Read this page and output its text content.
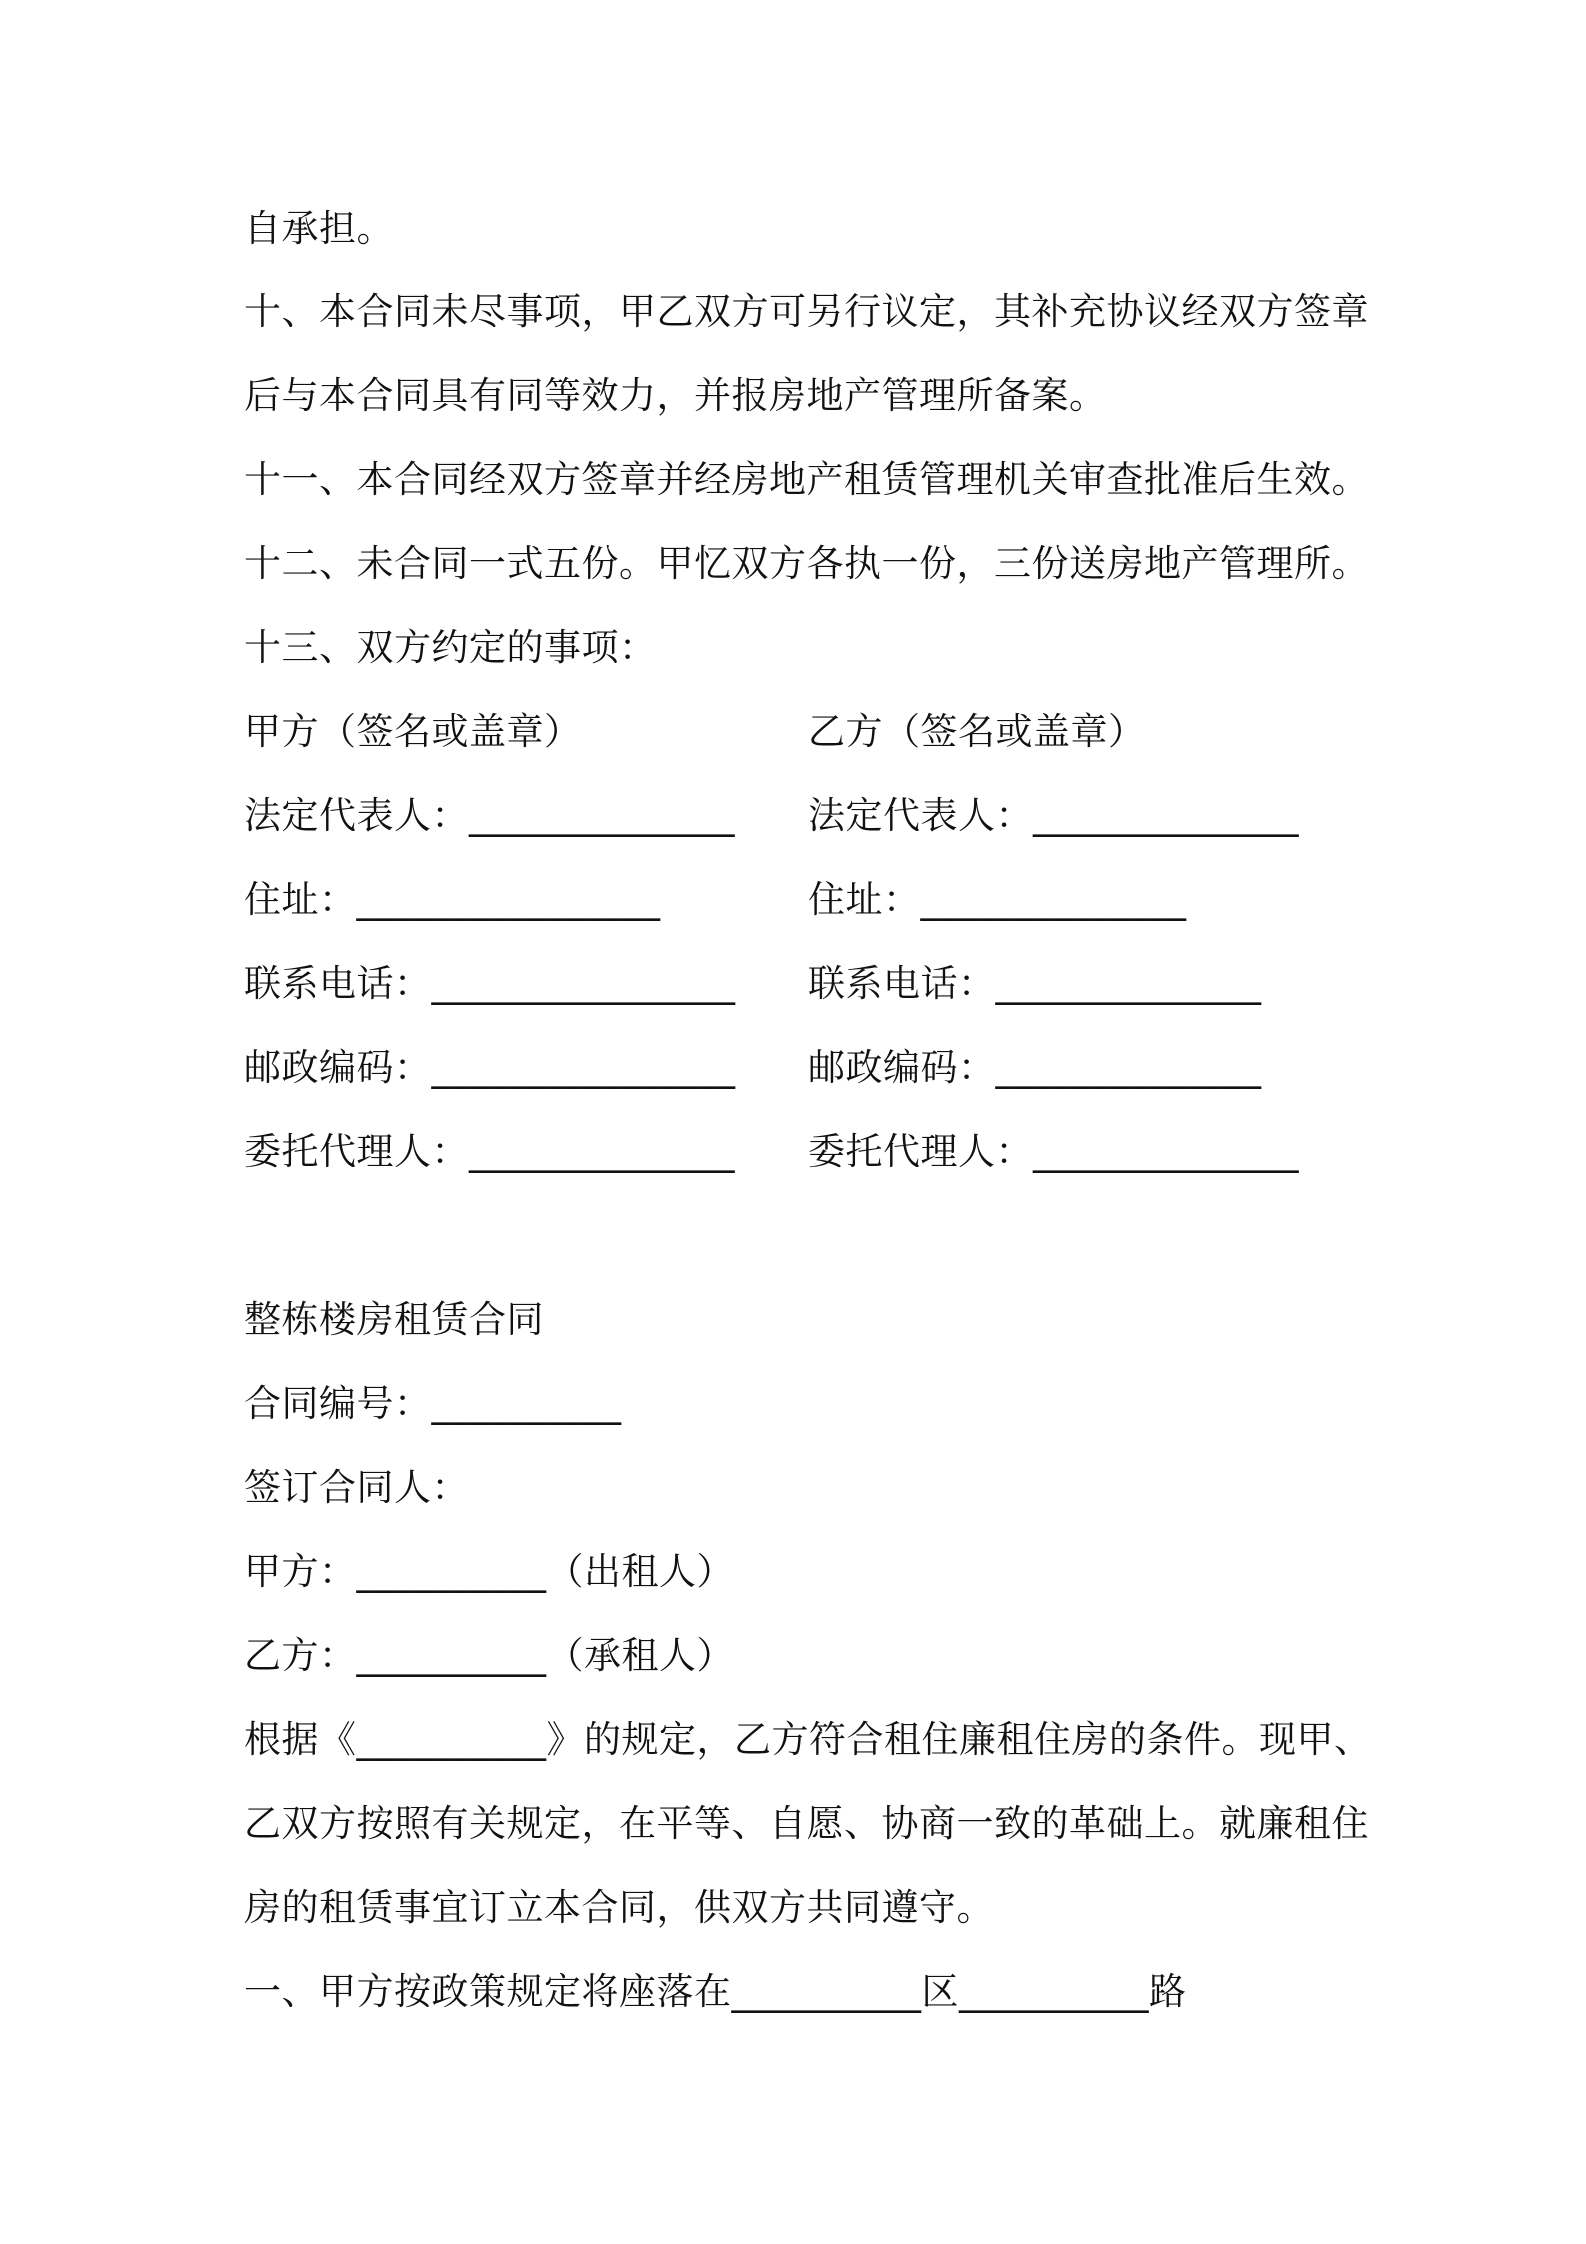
自承担。
十、本合同未尽事项，甲乙双方可另行议定，其补充协议经双方签章
后与本合同具有同等效力，并报房地产管理所备案。
十一、本合同经双方签章并经房地产租赁管理机关审查批准后生效。
十二、未合同一式五份。甲忆双方各执一份，三份送房地产管理所。
十三、双方约定的事项：
甲方（签名或盖章）
法定代表人：______________
住址：________________
联系电话：________________
邮政编码：________________
委托代理人：______________
乙方（签名或盖章）
法定代表人：______________
住址：______________
联系电话：______________
邮政编码：______________
委托代理人：______________
整栋楼房租赁合同
合同编号：__________
签订合同人：
甲方：__________（出租人）
乙方：__________（承租人）
根据《__________》的规定，乙方符合租住廉租住房的条件。现甲、
乙双方按照有关规定，在平等、自愿、协商一致的革础上。就廉租住
房的租赁事宜订立本合同，供双方共同遵守。
一、甲方按政策规定将座落在__________区__________路
